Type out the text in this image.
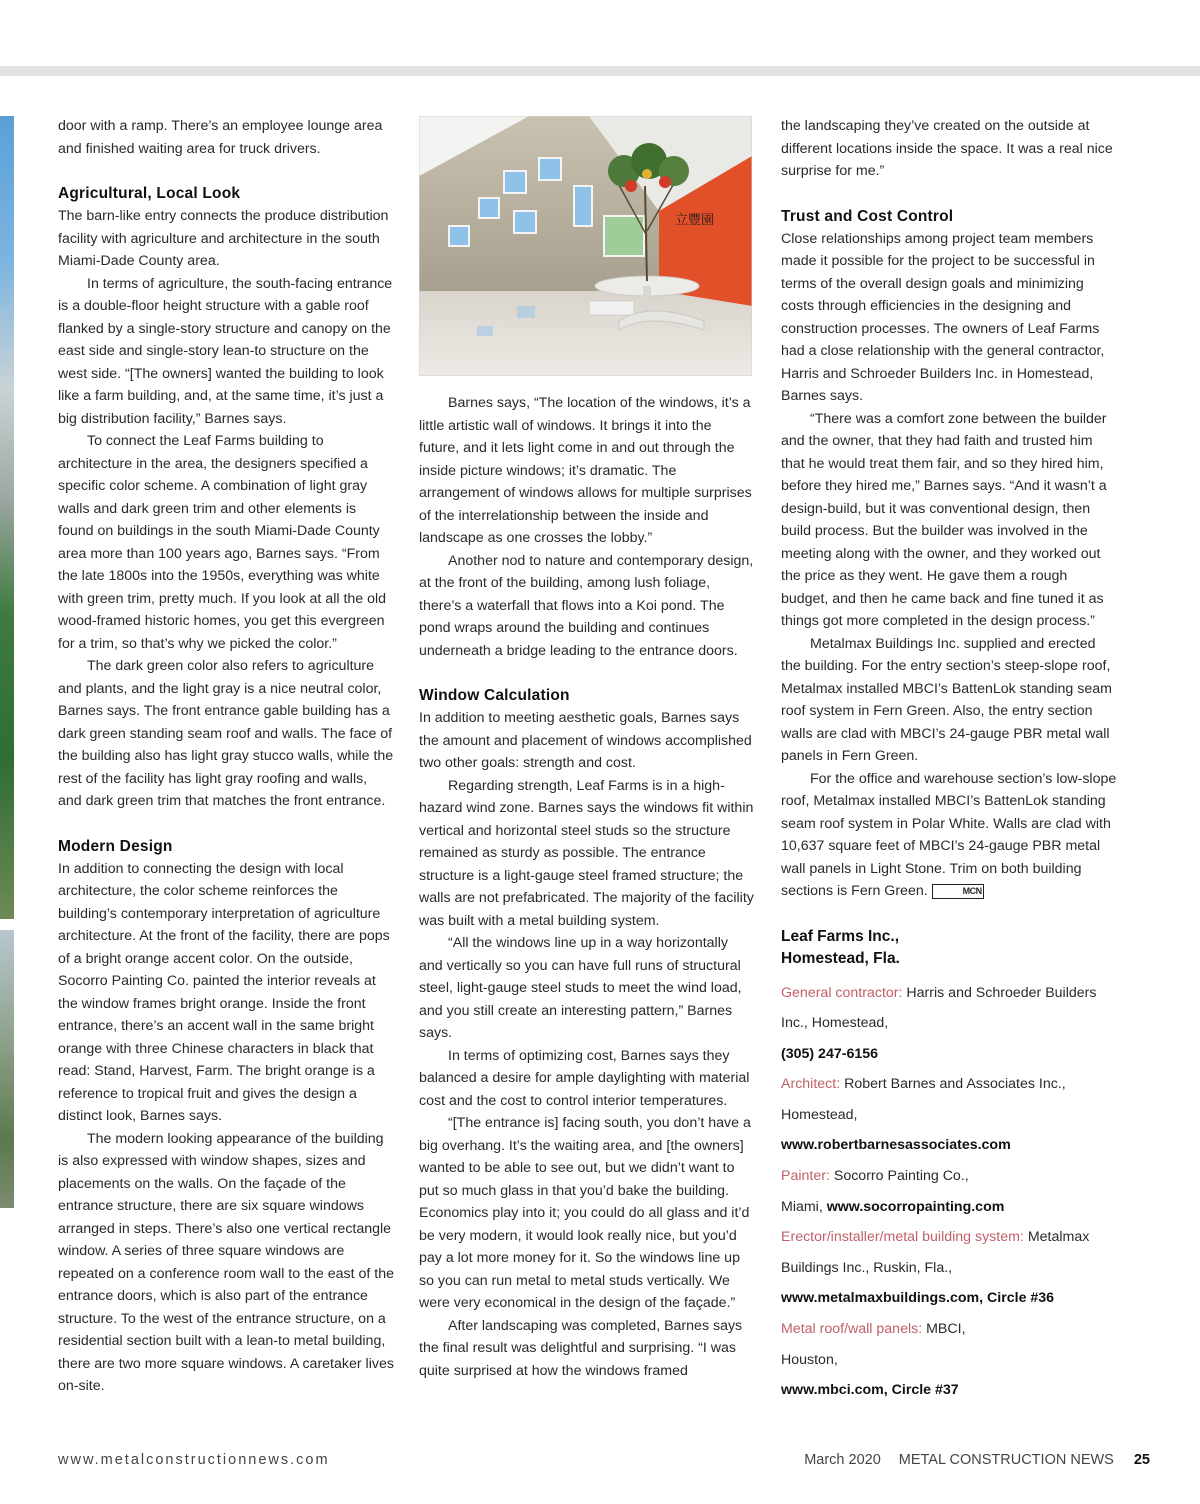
door with a ramp. There’s an employee lounge area and finished waiting area for truck drivers.

Agricultural, Local Look

The barn-like entry connects the produce distribution facility with agriculture and architecture in the south Miami-Dade County area.

In terms of agriculture, the south-facing entrance is a double-floor height structure with a gable roof flanked by a single-story structure and canopy on the east side and single-story lean-to structure on the west side. “[The owners] wanted the building to look like a farm building, and, at the same time, it’s just a big distribution facility,” Barnes says.

To connect the Leaf Farms building to architecture in the area, the designers specified a specific color scheme. A combination of light gray walls and dark green trim and other elements is found on buildings in the south Miami-Dade County area more than 100 years ago, Barnes says. “From the late 1800s into the 1950s, everything was white with green trim, pretty much. If you look at all the old wood-framed historic homes, you get this evergreen for a trim, so that’s why we picked the color.”

The dark green color also refers to agriculture and plants, and the light gray is a nice neutral color, Barnes says. The front entrance gable building has a dark green standing seam roof and walls. The face of the building also has light gray stucco walls, while the rest of the facility has light gray roofing and walls, and dark green trim that matches the front entrance.

Modern Design

In addition to connecting the design with local architecture, the color scheme reinforces the building’s contemporary interpretation of agriculture architecture. At the front of the facility, there are pops of a bright orange accent color. On the outside, Socorro Painting Co. painted the interior reveals at the window frames bright orange. Inside the front entrance, there’s an accent wall in the same bright orange with three Chinese characters in black that read: Stand, Harvest, Farm. The bright orange is a reference to tropical fruit and gives the design a distinct look, Barnes says.

The modern looking appearance of the building is also expressed with window shapes, sizes and placements on the walls. On the façade of the entrance structure, there are six square windows arranged in steps. There’s also one vertical rectangle window. A series of three square windows are repeated on a conference room wall to the east of the entrance doors, which is also part of the entrance structure. To the west of the entrance structure, on a residential section built with a lean-to metal building, there are two more square windows. A caretaker lives on-site.

立豐園

Barnes says, “The location of the windows, it’s a little artistic wall of windows. It brings it into the future, and it lets light come in and out through the inside picture windows; it’s dramatic. The arrangement of windows allows for multiple surprises of the interrelationship between the inside and landscape as one crosses the lobby.”

Another nod to nature and contemporary design, at the front of the building, among lush foliage, there’s a waterfall that flows into a Koi pond. The pond wraps around the building and continues underneath a bridge leading to the entrance doors.

Window Calculation

In addition to meeting aesthetic goals, Barnes says the amount and placement of windows accomplished two other goals: strength and cost.

Regarding strength, Leaf Farms is in a high-hazard wind zone. Barnes says the windows fit within vertical and horizontal steel studs so the structure remained as sturdy as possible. The entrance structure is a light-gauge steel framed structure; the walls are not prefabricated. The majority of the facility was built with a metal building system.

“All the windows line up in a way horizontally and vertically so you can have full runs of structural steel, light-gauge steel studs to meet the wind load, and you still create an interesting pattern,” Barnes says.

In terms of optimizing cost, Barnes says they balanced a desire for ample daylighting with material cost and the cost to control interior temperatures.

“[The entrance is] facing south, you don’t have a big overhang. It’s the waiting area, and [the owners] wanted to be able to see out, but we didn’t want to put so much glass in that you’d bake the building. Economics play into it; you could do all glass and it’d be very modern, it would look really nice, but you’d pay a lot more money for it. So the windows line up so you can run metal to metal studs vertically. We were very economical in the design of the façade.”

After landscaping was completed, Barnes says the final result was delightful and surprising. “I was quite surprised at how the windows framed

the landscaping they’ve created on the outside at different locations inside the space. It was a real nice surprise for me.”

Trust and Cost Control

Close relationships among project team members made it possible for the project to be successful in terms of the overall design goals and minimizing costs through efficiencies in the designing and construction processes. The owners of Leaf Farms had a close relationship with the general contractor, Harris and Schroeder Builders Inc. in Homestead, Barnes says.

“There was a comfort zone between the builder and the owner, that they had faith and trusted him that he would treat them fair, and so they hired him, before they hired me,” Barnes says. “And it wasn’t a design-build, but it was conventional design, then build process. But the builder was involved in the meeting along with the owner, and they worked out the price as they went. He gave them a rough budget, and then he came back and fine tuned it as things got more completed in the design process.”

Metalmax Buildings Inc. supplied and erected the building. For the entry section’s steep-slope roof, Metalmax installed MBCI’s BattenLok standing seam roof system in Fern Green. Also, the entry section walls are clad with MBCI’s 24-gauge PBR metal wall panels in Fern Green.

For the office and warehouse section’s low-slope roof, Metalmax installed MBCI’s BattenLok standing seam roof system in Polar White. Walls are clad with 10,637 square feet of MBCI’s 24-gauge PBR metal wall panels in Light Stone. Trim on both building sections is Fern Green.	MCN

Leaf Farms Inc.,
Homestead, Fla.

General contractor: Harris and Schroeder Builders

Inc., Homestead,

(305) 247-6156

Architect: Robert Barnes and Associates Inc.,

Homestead,

www.robertbarnesassociates.com

Painter: Socorro Painting Co.,

Miami, www.socorropainting.com

Erector/installer/metal building system: Metalmax

Buildings Inc., Ruskin, Fla.,

www.metalmaxbuildings.com, Circle #36

Metal roof/wall panels: MBCI,

Houston,

www.mbci.com, Circle #37

www.metalconstructionnews.com	March 2020 METAL CONSTRUCTION NEWS 25
